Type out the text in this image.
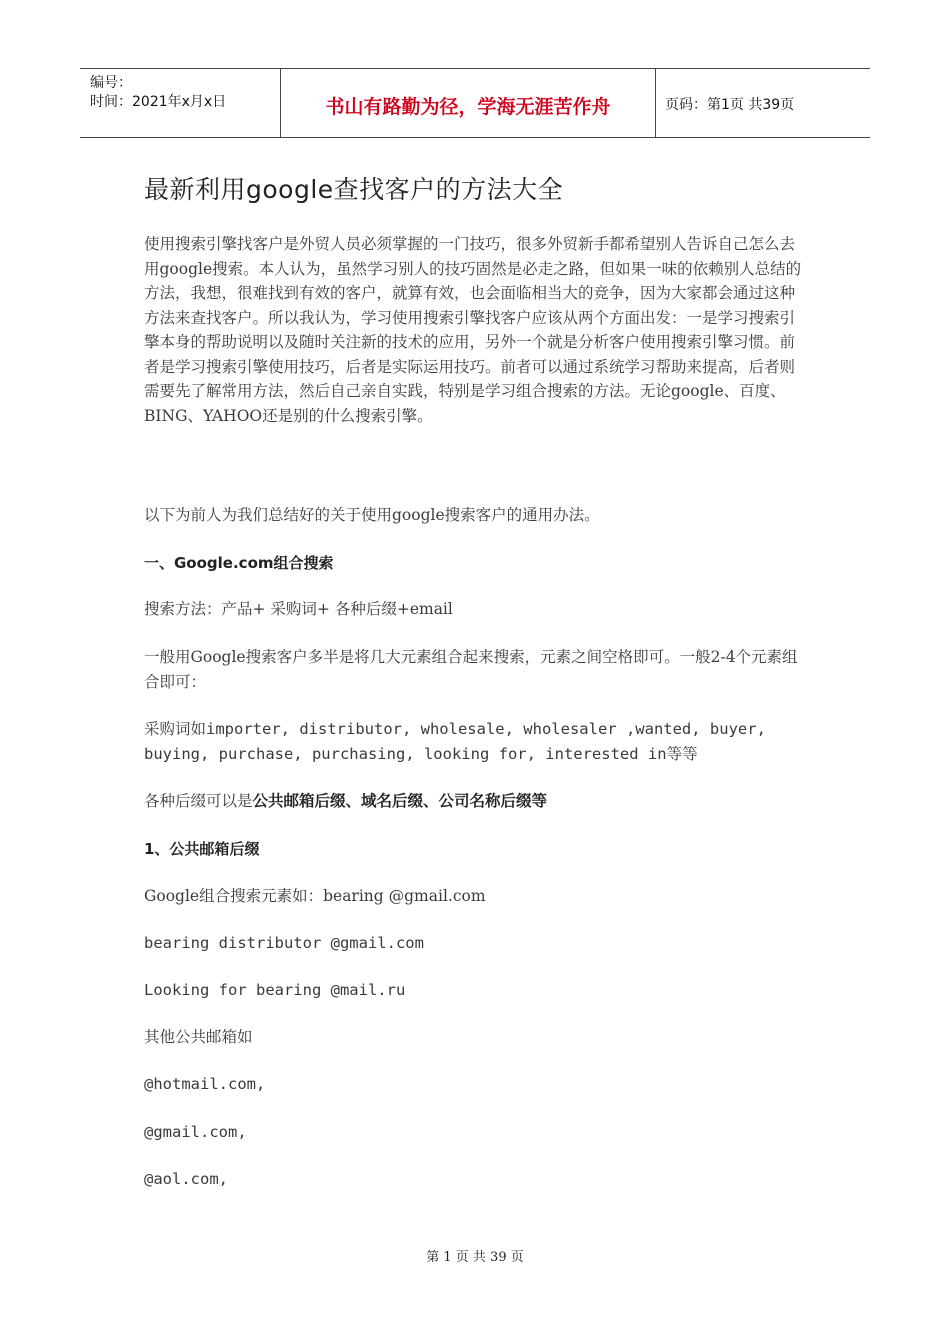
编号：
时间：2021年x月x日	书山有路勤为径，学海无涯苦作舟	页码：第1页 共39页
最新利用google查找客户的方法大全

使用搜索引擎找客户是外贸人员必须掌握的一门技巧，很多外贸新手都希望别人告诉自己怎么去用google搜索。本人认为，虽然学习别人的技巧固然是必走之路，但如果一味的依赖别人总结的方法，我想，很难找到有效的客户，就算有效，也会面临相当大的竞争，因为大家都会通过这种方法来查找客户。所以我认为，学习使用搜索引擎找客户应该从两个方面出发：一是学习搜索引擎本身的帮助说明以及随时关注新的技术的应用，另外一个就是分析客户使用搜索引擎习惯。前者是学习搜索引擎使用技巧，后者是实际运用技巧。前者可以通过系统学习帮助来提高，后者则需要先了解常用方法，然后自己亲自实践，特别是学习组合搜索的方法。无论google、百度、BING、YAHOO还是别的什么搜索引擎。

以下为前人为我们总结好的关于使用google搜索客户的通用办法。

一、Google.com组合搜索

搜索方法：产品+ 采购词+ 各种后缀+email

一般用Google搜索客户多半是将几大元素组合起来搜索，元素之间空格即可。一般2-4个元素组合即可：

采购词如importer, distributor, wholesale, wholesaler ,wanted, buyer, buying, purchase, purchasing, looking for, interested in等等

各种后缀可以是公共邮箱后缀、域名后缀、公司名称后缀等

1、公共邮箱后缀

Google组合搜索元素如：bearing @gmail.com

bearing distributor @gmail.com

Looking for bearing @mail.ru

其他公共邮箱如

@hotmail.com,

@gmail.com,

@aol.com,

第 1 页 共 39 页
